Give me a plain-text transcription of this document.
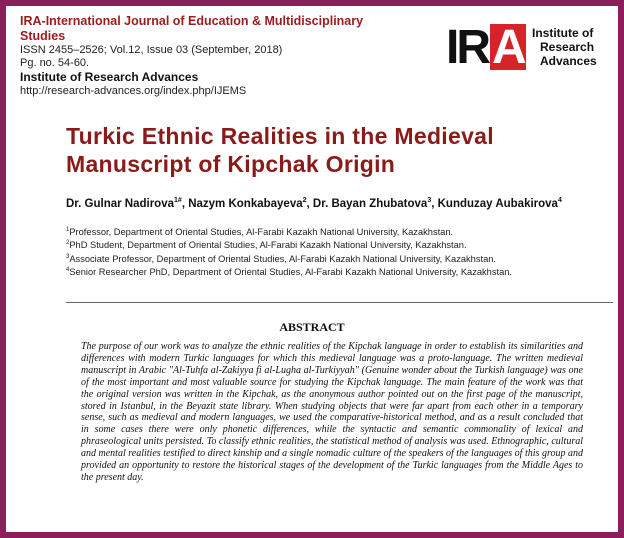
IRA-International Journal of Education & Multidisciplinary Studies
ISSN 2455–2526; Vol.12, Issue 03 (September, 2018)
Pg. no. 54-60.
Institute of Research Advances
http://research-advances.org/index.php/IJEMS
IR A Institute of
Research
Advances
Turkic Ethnic Realities in the Medieval Manuscript of Kipchak Origin
Dr. Gulnar Nadirova$^{1\#}$, Nazym Konkabayeva$^2$, Dr. Bayan Zhubatova$^3$, Kunduzay Aubakirova$^4$
$^1$Professor, Department of Oriental Studies, Al-Farabi Kazakh National University, Kazakhstan.
$^2$PhD Student, Department of Oriental Studies, Al-Farabi Kazakh National University, Kazakhstan.
$^3$Associate Professor, Department of Oriental Studies, Al-Farabi Kazakh National University, Kazakhstan.
$^4$Senior Researcher PhD, Department of Oriental Studies, Al-Farabi Kazakh National University, Kazakhstan.
ABSTRACT
The purpose of our work was to analyze the ethnic realities of the Kipchak language in order to establish its similarities and differences with modern Turkic languages for which this medieval language was a proto-language. The written medieval manuscript in Arabic ''Al-Tuhfa al-Zakiyya fi al-Lugha al-Turkiyyah'' (Genuine wonder about the Turkish language) was one of the most important and most valuable source for studying the Kipchak language. The main feature of the work was that the original version was written in the Kipchak, as the anonymous author pointed out on the first page of the manuscript, stored in Istanbul, in the Beyazit state library. When studying objects that were far apart from each other in a temporary sense, such as medieval and modern languages, we used the comparative-historical method, and as a result concluded that in some cases there were only phonetic differences, while the syntactic and semantic commonality of lexical and phraseological units persisted. To classify ethnic realities, the statistical method of analysis was used. Ethnographic, cultural and mental realities testified to direct kinship and a single nomadic culture of the speakers of the languages of this group and provided an opportunity to restore the historical stages of the development of the Turkic languages from the Middle Ages to the present day.
